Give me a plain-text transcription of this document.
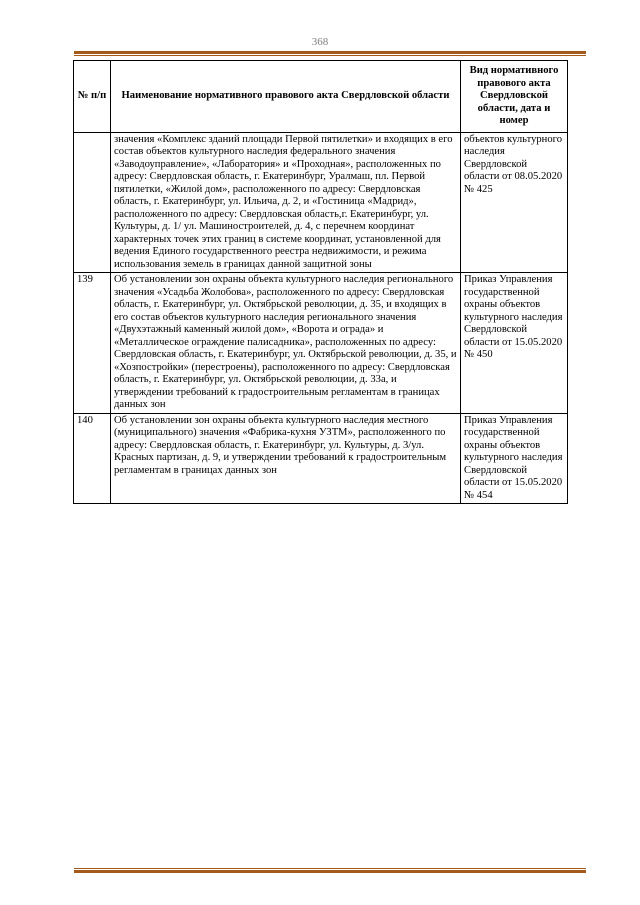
368
№ п/п	Наименование нормативного правового акта Свердловской области	Вид нормативного правового акта Свердловской области, дата и номер
	значения «Комплекс зданий площади Первой пятилетки» и входящих в его состав объектов культурного наследия федерального значения «Заводоуправление», «Лаборатория» и «Проходная», расположенных по адресу: Свердловская область, г. Екатеринбург, Уралмаш, пл. Первой пятилетки, «Жилой дом», расположенного по адресу: Свердловская область, г. Екатеринбург, ул. Ильича, д. 2, и «Гостиница «Мадрид», расположенного по адресу: Свердловская область,г. Екатеринбург, ул. Культуры, д. 1/ ул. Машиностроителей, д. 4, с перечнем координат характерных точек этих границ в системе координат, установленной для ведения Единого государственного реестра недвижимости, и режима использования земель в границах данной защитной зоны	объектов культурного наследия Свердловской области от 08.05.2020 № 425
139	Об установлении зон охраны объекта культурного наследия регионального значения «Усадьба Жолобова», расположенного по адресу: Свердловская область, г. Екатеринбург, ул. Октябрьской революции, д. 35, и входящих в его состав объектов культурного наследия регионального значения «Двухэтажный каменный жилой дом», «Ворота и ограда» и «Металлическое ограждение палисадника», расположенных по адресу: Свердловская область, г. Екатеринбург, ул. Октябрьской революции, д. 35, и «Хозпостройки» (перестроены), расположенного по адресу: Свердловская область, г. Екатеринбург, ул. Октябрьской революции, д. 33а, и утверждении требований к градостроительным регламентам в границах данных зон	Приказ Управления государственной охраны объектов культурного наследия Свердловской области от 15.05.2020 № 450
140	Об установлении зон охраны объекта культурного наследия местного (муниципального) значения «Фабрика-кухня УЗТМ», расположенного по адресу: Свердловская область, г. Екатеринбург, ул. Культуры, д. 3/ул. Красных партизан, д. 9, и утверждении требований к градостроительным регламентам в границах данных зон	Приказ Управления государственной охраны объектов культурного наследия Свердловской области от 15.05.2020 № 454
